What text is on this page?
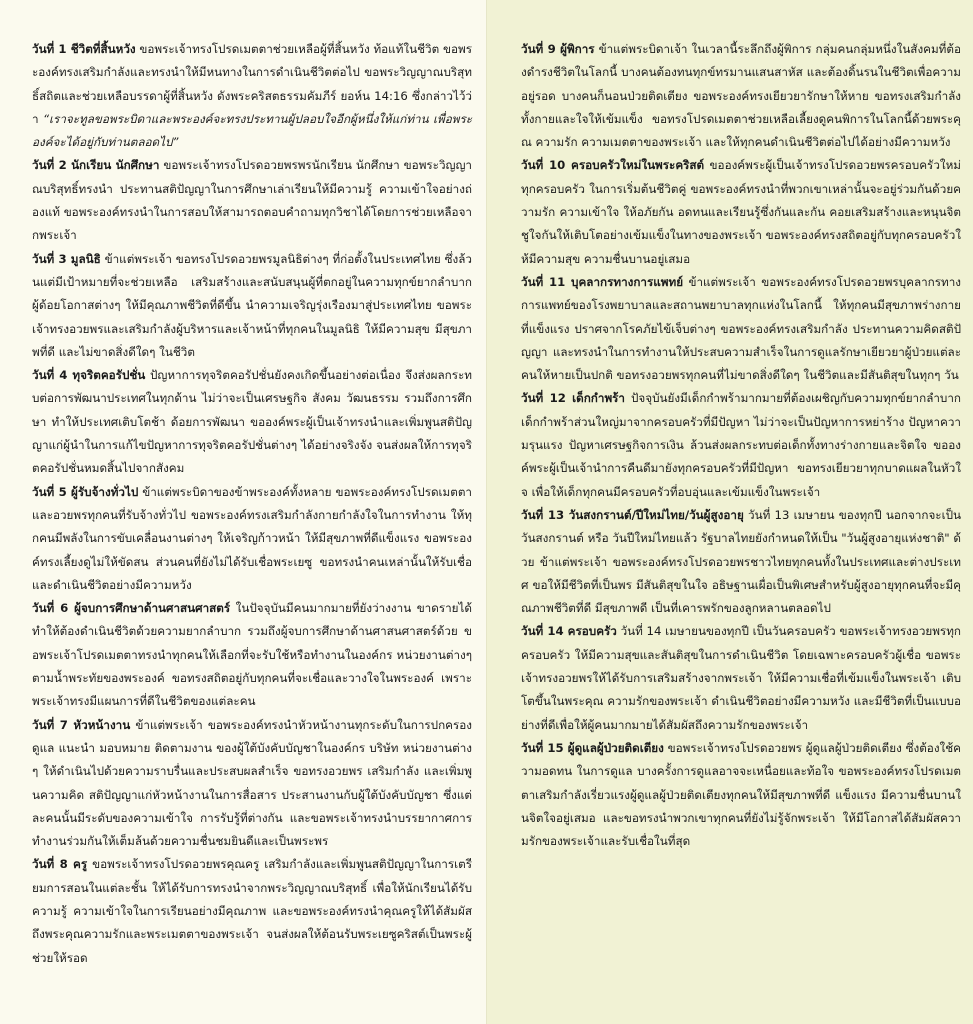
วันที่ 1 ชีวิตที่สิ้นหวัง ขอพระเจ้าทรงโปรดเมตตาช่วยเหลือผู้ที่สิ้นหวัง ท้อแท้ในชีวิต ขอพระองค์ทรงเสริมกำลังและทรงนำให้มีหนทางในการดำเนินชีวิตต่อไป ขอพระวิญญาณบริสุทธิ์สถิตและช่วยเหลือบรรดาผู้ที่สิ้นหวัง ดังพระคริสตธรรมคัมภีร์ ยอห์น 14:16 ซึ่งกล่าวไว้ว่า “เราจะทูลขอพระบิดาและพระองค์จะทรงประทานผู้ปลอบใจอีกผู้หนึ่งให้แก่ท่าน เพื่อพระองค์จะได้อยู่กับท่านตลอดไป”

วันที่ 2 นักเรียน นักศึกษา ขอพระเจ้าทรงโปรดอวยพรพรนักเรียน นักศึกษา ขอพระวิญญาณบริสุทธิ์ทรงนำ ประทานสติปัญญาในการศึกษาเล่าเรียนให้มีความรู้ ความเข้าใจอย่างถ่องแท้ ขอพระองค์ทรงนำในการสอบให้สามารถตอบคำถามทุกวิชาได้โดยการช่วยเหลือจากพระเจ้า

วันที่ 3 มูลนิธิ ข้าแต่พระเจ้า ขอทรงโปรดอวยพรมูลนิธิต่างๆ ที่ก่อตั้งในประเทศไทย ซึ่งล้วนแต่มีเป้าหมายที่จะช่วยเหลือ เสริมสร้างและสนับสนุนผู้ที่ตกอยู่ในความทุกข์ยากลำบาก ผู้ด้อยโอกาสต่างๆ ให้มีคุณภาพชีวิตที่ดีขึ้น นำความเจริญรุ่งเรืองมาสู่ประเทศไทย ขอพระเจ้าทรงอวยพรและเสริมกำลังผู้บริหารและเจ้าหน้าที่ทุกคนในมูลนิธิ ให้มีความสุข มีสุขภาพที่ดี และไม่ขาดสิ่งดีใดๆ ในชีวิต

วันที่ 4 ทุจริตคอรัปชั่น ปัญหาการทุจริตคอรัปชั่นยังคงเกิดขึ้นอย่างต่อเนื่อง จึงส่งผลกระทบต่อการพัฒนาประเทศในทุกด้าน ไม่ว่าจะเป็นเศรษฐกิจ สังคม วัฒนธรรม รวมถึงการศึกษา ทำให้ประเทศเติบโตช้า ด้อยการพัฒนา ขอองค์พระผู้เป็นเจ้าทรงนำและเพิ่มพูนสติปัญญาแก่ผู้นำในการแก้ไขปัญหาการทุจริตคอรัปชั่นต่างๆ ได้อย่างจริงจัง จนส่งผลให้การทุจริตคอรัปชั่นหมดสิ้นไปจากสังคม

วันที่ 5 ผู้รับจ้างทั่วไป ข้าแต่พระบิดาของข้าพระองค์ทั้งหลาย ขอพระองค์ทรงโปรดเมตตาและอวยพรทุกคนที่รับจ้างทั่วไป ขอพระองค์ทรงเสริมกำลังกายกำลังใจในการทำงาน ให้ทุกคนมีพลังในการขับเคลื่อนงานต่างๆ ให้เจริญก้าวหน้า ให้มีสุขภาพที่ดีแข็งแรง ขอพระองค์ทรงเลี้ยงดูไม่ให้ขัดสน ส่วนคนที่ยังไม่ได้รับเชื่อพระเยซู ขอทรงนำคนเหล่านั้นให้รับเชื่อและดำเนินชีวิตอย่างมีความหวัง

วันที่ 6 ผู้จบการศึกษาด้านศาสนศาสตร์ ในปัจจุบันมีคนมากมายที่ยังว่างงาน ขาดรายได้ ทำให้ต้องดำเนินชีวิตด้วยความยากลำบาก รวมถึงผู้จบการศึกษาด้านศาสนศาสตร์ด้วย ขอพระเจ้าโปรดเมตตาทรงนำทุกคนให้เลือกที่จะรับใช้หรือทำงานในองค์กร หน่วยงานต่างๆ ตามน้ำพระทัยของพระองค์ ขอทรงสถิตอยู่กับทุกคนที่จะเชื่อและวางใจในพระองค์ เพราะพระเจ้าทรงมีแผนการที่ดีในชีวิตของแต่ละคน

วันที่ 7 หัวหน้างาน ข้าแต่พระเจ้า ขอพระองค์ทรงนำหัวหน้างานทุกระดับในการปกครอง ดูแล แนะนำ มอบหมาย ติดตามงาน ของผู้ใต้บังคับบัญชาในองค์กร บริษัท หน่วยงานต่างๆ ให้ดำเนินไปด้วยความราบรื่นและประสบผลสำเร็จ ขอทรงอวยพร เสริมกำลัง และเพิ่มพูนความคิด สติปัญญาแก่หัวหน้างานในการสื่อสาร ประสานงานกับผู้ใต้บังคับบัญชา ซึ่งแต่ละคนนั้นมีระดับของความเข้าใจ การรับรู้ที่ต่างกัน และขอพระเจ้าทรงนำบรรยากาศการทำงานร่วมกันให้เต็มล้นด้วยความชื่นชมยินดีและเป็นพระพร

วันที่ 8 ครู ขอพระเจ้าทรงโปรดอวยพรคุณครู เสริมกำลังและเพิ่มพูนสติปัญญาในการเตรียมการสอนในแต่ละชั้น ให้ได้รับการทรงนำจากพระวิญญาณบริสุทธิ์ เพื่อให้นักเรียนได้รับความรู้ ความเข้าใจในการเรียนอย่างมีคุณภาพ และขอพระองค์ทรงนำคุณครูให้ได้สัมผัสถึงพระคุณความรักและพระเมตตาของพระเจ้า จนส่งผลให้ต้อนรับพระเยซูคริสต์เป็นพระผู้ช่วยให้รอด

วันที่ 9 ผู้พิการ ข้าแต่พระบิดาเจ้า ในเวลานี้ระลึกถึงผู้พิการ กลุ่มคนกลุ่มหนึ่งในสังคมที่ต้องดำรงชีวิตในโลกนี้ บางคนต้องทนทุกข์ทรมานแสนสาหัส และต้องดิ้นรนในชีวิตเพื่อความอยู่รอด บางคนก็นอนป่วยติดเตียง ขอพระองค์ทรงเยียวยารักษาให้หาย ขอทรงเสริมกำลังทั้งกายและใจให้เข้มแข็ง ขอทรงโปรดเมตตาช่วยเหลือเลี้ยงดูคนพิการในโลกนี้ด้วยพระคุณ ความรัก ความเมตตาของพระเจ้า และให้ทุกคนดำเนินชีวิตต่อไปได้อย่างมีความหวัง

วันที่ 10 ครอบครัวใหม่ในพระคริสต์ ขอองค์พระผู้เป็นเจ้าทรงโปรดอวยพรครอบครัวใหม่ทุกครอบครัว ในการเริ่มต้นชีวิตคู่ ขอพระองค์ทรงนำที่พวกเขาเหล่านั้นจะอยู่ร่วมกันด้วยความรัก ความเข้าใจ ให้อภัยกัน อดทนและเรียนรู้ซึ่งกันและกัน คอยเสริมสร้างและหนุนจิตชูใจกันให้เติบโตอย่างเข้มแข็งในทางของพระเจ้า ขอพระองค์ทรงสถิตอยู่กับทุกครอบครัวให้มีความสุข ความชื่นบานอยู่เสมอ

วันที่ 11 บุคลากรทางการแพทย์ ข้าแต่พระเจ้า ขอพระองค์ทรงโปรดอวยพรบุคลากรทางการแพทย์ของโรงพยาบาลและสถานพยาบาลทุกแห่งในโลกนี้ ให้ทุกคนมีสุขภาพร่างกายที่แข็งแรง ปราศจากโรคภัยไข้เจ็บต่างๆ ขอพระองค์ทรงเสริมกำลัง ประทานความคิดสติปัญญา และทรงนำในการทำงานให้ประสบความสำเร็จในการดูแลรักษาเยียวยาผู้ป่วยแต่ละคนให้หายเป็นปกติ ขอทรงอวยพรทุกคนที่ไม่ขาดสิ่งดีใดๆ ในชีวิตและมีสันติสุขในทุกๆ วัน

วันที่ 12 เด็กกำพร้า ปัจจุบันยังมีเด็กกำพร้ามากมายที่ต้องเผชิญกับความทุกข์ยากลำบาก เด็กกำพร้าส่วนใหญ่มาจากครอบครัวที่มีปัญหา ไม่ว่าจะเป็นปัญหาการหย่าร้าง ปัญหาความรุนแรง ปัญหาเศรษฐกิจการเงิน ล้วนส่งผลกระทบต่อเด็กทั้งทางร่างกายและจิตใจ ขอองค์พระผู้เป็นเจ้านำการคืนดีมายังทุกครอบครัวที่มีปัญหา ขอทรงเยียวยาทุกบาดแผลในหัวใจ เพื่อให้เด็กทุกคนมีครอบครัวที่อบอุ่นและเข้มแข็งในพระเจ้า

วันที่ 13 วันสงกรานต์/ปีใหม่ไทย/วันผู้สูงอายุ วันที่ 13 เมษายน ของทุกปี นอกจากจะเป็น วันสงกรานต์ หรือ วันปีใหม่ไทยแล้ว รัฐบาลไทยยังกำหนดให้เป็น "วันผู้สูงอายุแห่งชาติ" ด้วย ข้าแต่พระเจ้า ขอพระองค์ทรงโปรดอวยพรชาวไทยทุกคนทั้งในประเทศและต่างประเทศ ขอให้มีชีวิตที่เป็นพร มีสันติสุขในใจ อธิษฐานเผื่อเป็นพิเศษสำหรับผู้สูงอายุทุกคนที่จะมีคุณภาพชีวิตที่ดี มีสุขภาพดี เป็นที่เคารพรักของลูกหลานตลอดไป

วันที่ 14 ครอบครัว วันที่ 14 เมษายนของทุกปี เป็นวันครอบครัว ขอพระเจ้าทรงอวยพรทุกครอบครัว ให้มีความสุขและสันติสุขในการดำเนินชีวิต โดยเฉพาะครอบครัวผู้เชื่อ ขอพระเจ้าทรงอวยพรให้ได้รับการเสริมสร้างจากพระเจ้า ให้มีความเชื่อที่เข้มแข็งในพระเจ้า เติบโตขึ้นในพระคุณ ความรักของพระเจ้า ดำเนินชีวิตอย่างมีความหวัง และมีชีวิตที่เป็นแบบอย่างที่ดีเพื่อให้ผู้คนมากมายได้สัมผัสถึงความรักของพระเจ้า

วันที่ 15 ผู้ดูแลผู้ป่วยติดเตียง ขอพระเจ้าทรงโปรดอวยพร ผู้ดูแลผู้ป่วยติดเตียง ซึ่งต้องใช้ความอดทน ในการดูแล บางครั้งการดูแลอาจจะเหนื่อยและท้อใจ ขอพระองค์ทรงโปรดเมตตาเสริมกำลังเรี่ยวแรงผู้ดูแลผู้ป่วยติดเตียงทุกคนให้มีสุขภาพที่ดี แข็งแรง มีความชื่นบานในจิตใจอยู่เสมอ และขอทรงนำพวกเขาทุกคนที่ยังไม่รู้จักพระเจ้า ให้มีโอกาสได้สัมผัสความรักของพระเจ้าและรับเชื่อในที่สุด
